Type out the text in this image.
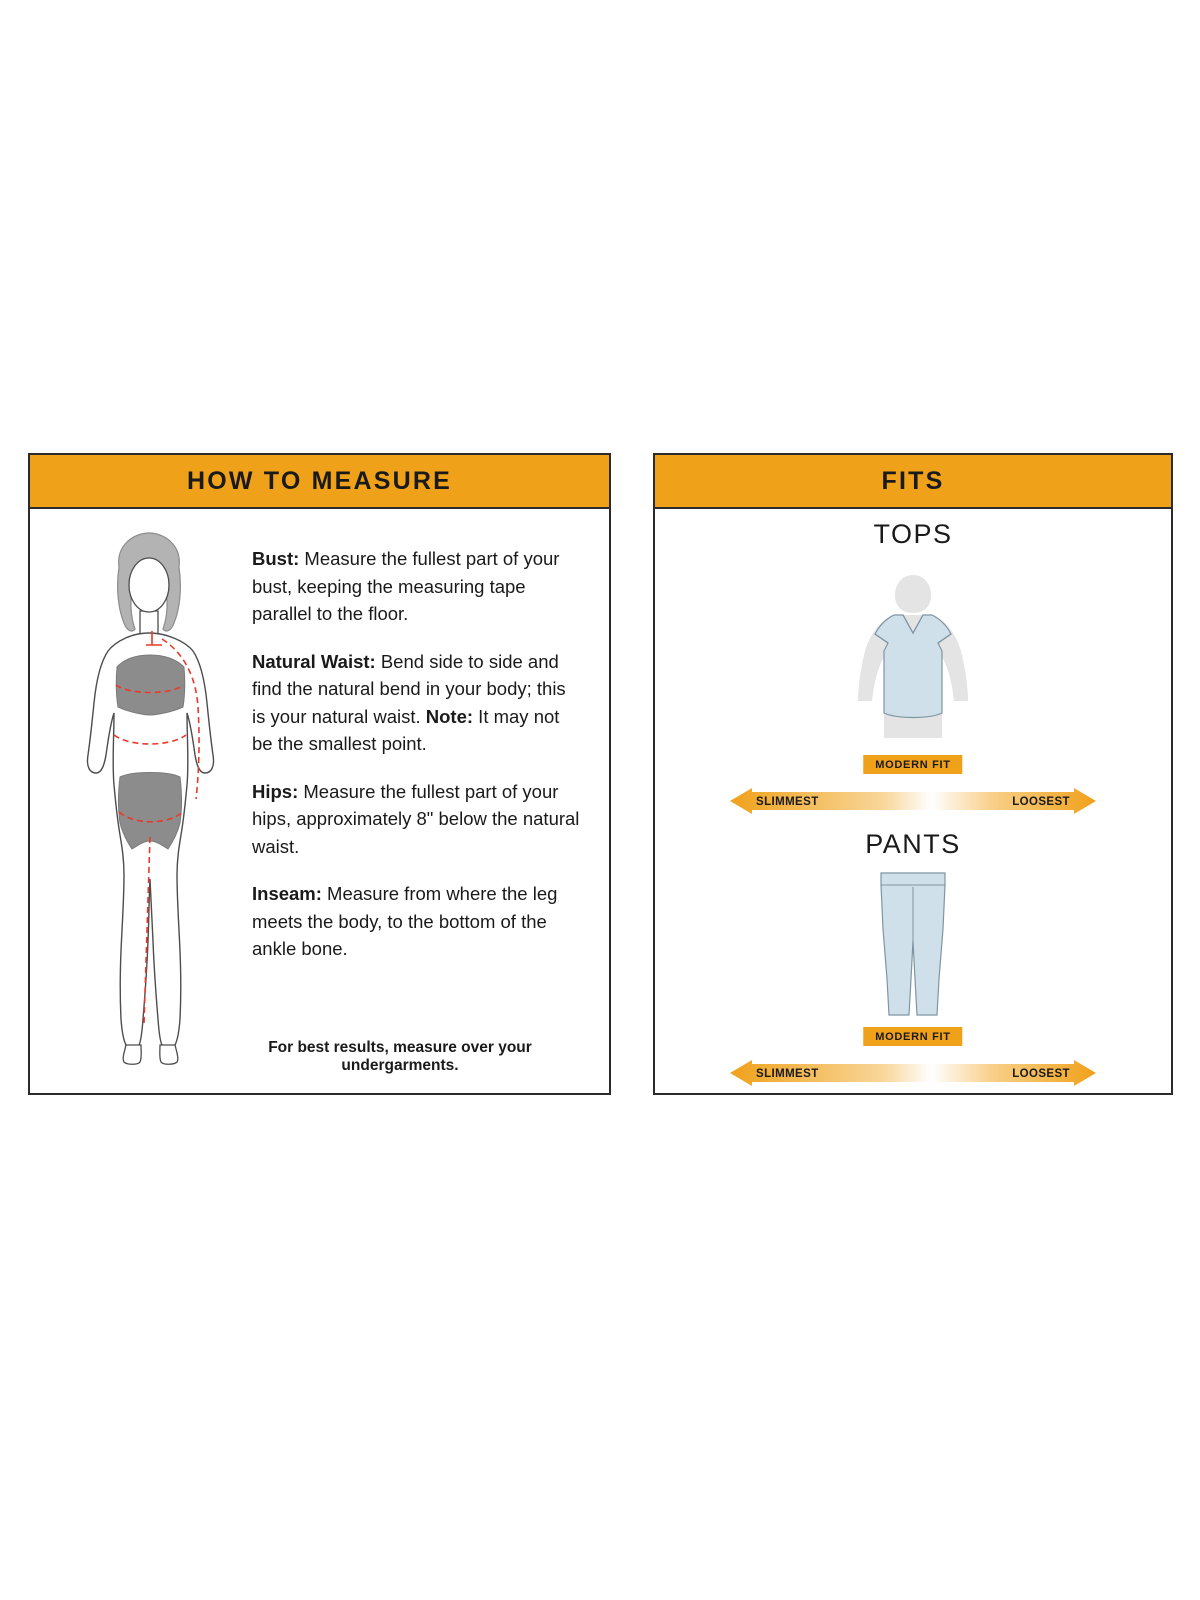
HOW TO MEASURE
Bust: Measure the fullest part of your bust, keeping the measuring tape parallel to the floor.
Natural Waist: Bend side to side and find the natural bend in your body; this is your natural waist. Note: It may not be the smallest point.
Hips: Measure the fullest part of your hips, approximately 8" below the natural waist.
Inseam: Measure from where the leg meets the body, to the bottom of the ankle bone.
For best results, measure over your undergarments.
FITS
TOPS
MODERN FIT
SLIMMEST	LOOSEST
PANTS
MODERN FIT
SLIMMEST	LOOSEST
